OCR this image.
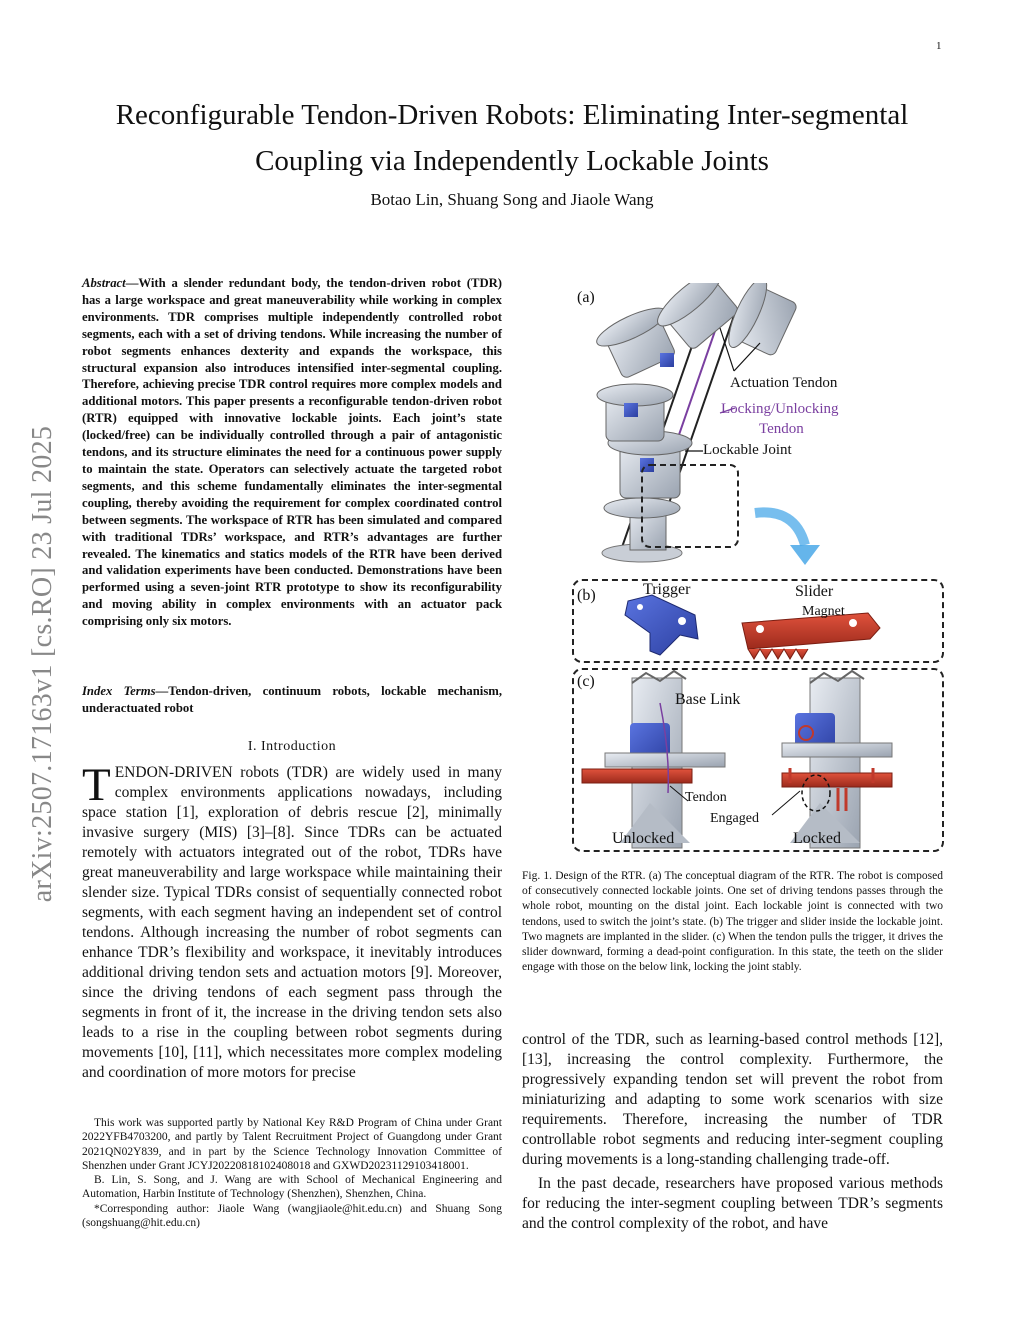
1
arXiv:2507.17163v1 [cs.RO] 23 Jul 2025
Reconfigurable Tendon-Driven Robots: Eliminating Inter-segmental
Coupling via Independently Lockable Joints
Botao Lin, Shuang Song and Jiaole Wang
Abstract—With a slender redundant body, the tendon-driven robot (TDR) has a large workspace and great maneuverability while working in complex environments. TDR comprises multiple independently controlled robot segments, each with a set of driving tendons. While increasing the number of robot segments enhances dexterity and expands the workspace, this structural expansion also introduces intensified inter-segmental coupling. Therefore, achieving precise TDR control requires more complex models and additional motors. This paper presents a reconfigurable tendon-driven robot (RTR) equipped with innovative lockable joints. Each joint’s state (locked/free) can be individually controlled through a pair of antagonistic tendons, and its structure eliminates the need for a continuous power supply to maintain the state. Operators can selectively actuate the targeted robot segments, and this scheme fundamentally eliminates the inter-segmental coupling, thereby avoiding the requirement for complex coordinated control between segments. The workspace of RTR has been simulated and compared with traditional TDRs’ workspace, and RTR’s advantages are further revealed. The kinematics and statics models of the RTR have been derived and validation experiments have been conducted. Demonstrations have been performed using a seven-joint RTR prototype to show its reconfigurability and moving ability in complex environments with an actuator pack comprising only six motors.
Index Terms—Tendon-driven, continuum robots, lockable mechanism, underactuated robot
I. Introduction
TENDON-DRIVEN robots (TDR) are widely used in many complex environments applications nowadays, including space station [1], exploration of debris rescue [2], minimally invasive surgery (MIS) [3]–[8]. Since TDRs can be actuated remotely with actuators integrated out of the robot, TDRs have great maneuverability and large workspace while maintaining their slender size. Typical TDRs consist of sequentially connected robot segments, with each segment having an independent set of control tendons. Although increasing the number of robot segments can enhance TDR’s flexibility and workspace, it inevitably introduces additional driving tendon sets and actuation motors [9]. Moreover, since the driving tendons of each segment pass through the segments in front of it, the increase in the driving tendon sets also leads to a rise in the coupling between robot segments during movements [10], [11], which necessitates more complex modeling and coordination of more motors for precise

This work was supported partly by National Key R&D Program of China under Grant 2022YFB4703200, and partly by Talent Recruitment Project of Guangdong under Grant 2021QN02Y839, and in part by the Science Technology Innovation Committee of Shenzhen under Grant JCYJ20220818102408018 and GXWD20231129103418001.

B. Lin, S. Song, and J. Wang are with School of Mechanical Engineering and Automation, Harbin Institute of Technology (Shenzhen), Shenzhen, China.

*Corresponding author: Jiaole Wang (wangjiaole@hit.edu.cn) and Shuang Song (songshuang@hit.edu.cn)

(a)
Actuation Tendon
Locking/Unlocking
Tendon
Lockable Joint
(b)	Trigger	Slider
Magnet
(c)
Base Link
Tendon
Engaged
Unlocked	Locked
Fig. 1. Design of the RTR. (a) The conceptual diagram of the RTR. The robot is composed of consecutively connected lockable joints. One set of driving tendons passes through the whole robot, mounting on the distal joint. Each lockable joint is connected with two tendons, used to switch the joint’s state. (b) The trigger and slider inside the lockable joint. Two magnets are implanted in the slider. (c) When the tendon pulls the trigger, it drives the slider downward, forming a dead-point configuration. In this state, the teeth on the slider engage with those on the below link, locking the joint stably.

control of the TDR, such as learning-based control methods [12], [13], increasing the control complexity. Furthermore, the progressively expanding tendon set will prevent the robot from miniaturizing and adapting to some work scenarios with size requirements. Therefore, increasing the number of TDR controllable robot segments and reducing inter-segment coupling during movements is a long-standing challenging trade-off.

In the past decade, researchers have proposed various methods for reducing the inter-segment coupling between TDR’s segments and the control complexity of the robot, and have
